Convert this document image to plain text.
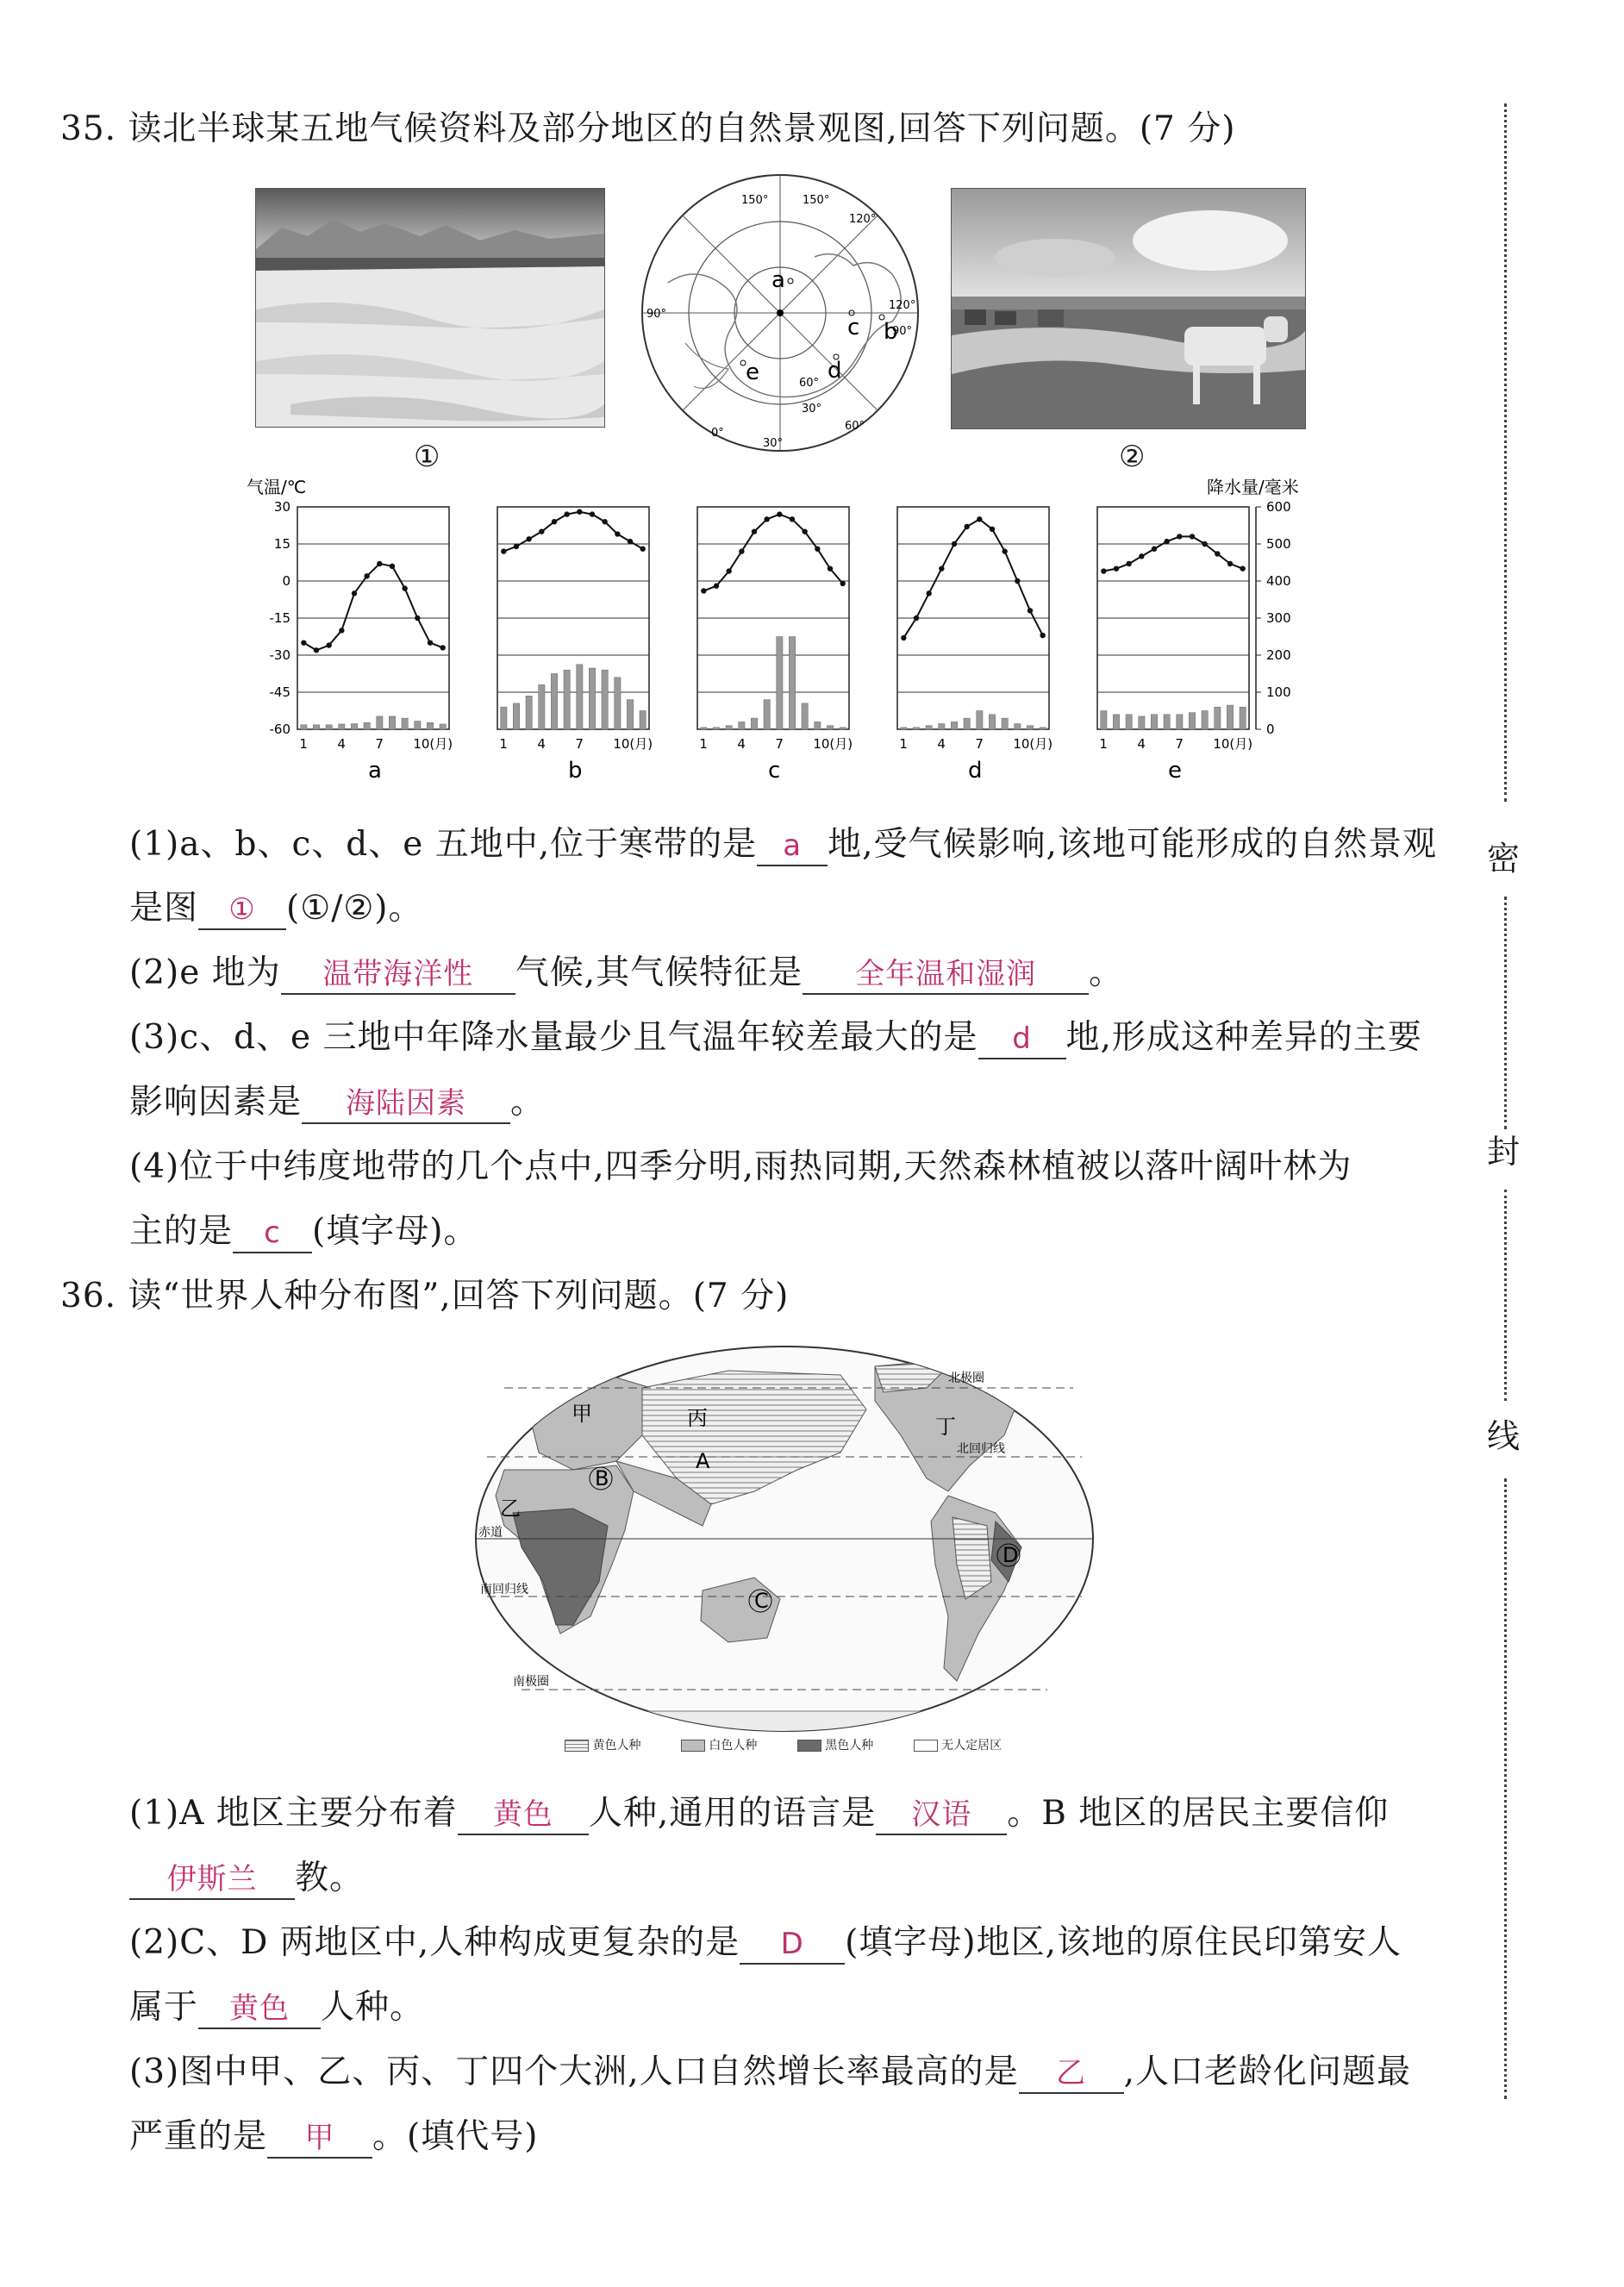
密
封
线
35. 读北半球某五地气候资料及部分地区的自然景观图,回答下列问题。(7 分)
150°
150°
120°
120°
90°
90°
60°
60°
30°
30°
0°
a
b
c
d
e
①	②
气温/℃	降水量/毫米
1 4 7 10(月)
a
1 4 7 10(月)
b
1 4 7 10(月)
c
1 4 7 10(月)
d
1 4 7 10(月)
e
30
15
0
-15
-30
-45
-60
600
500
400
300
200
100
0
(1)a、b、c、d、e 五地中,位于寒带的是 a 地,受气候影响,该地可能形成的自然景观
是图 ① (①/②)。
(2)e 地为 温带海洋性 气候,其气候特征是 全年温和湿润 。
(3)c、d、e 三地中年降水量最少且气温年较差最大的是 d 地,形成这种差异的主要
影响因素是 海陆因素 。
(4)位于中纬度地带的几个点中,四季分明,雨热同期,天然森林植被以落叶阔叶林为
主的是 c (填字母)。
36. 读“世界人种分布图”,回答下列问题。(7 分)
北极圈
北回归线
赤道
南回归线
南极圈
甲
乙
丙	丁
A
B
C
D
黄色人种	白色人种	黑色人种	无人定居区
(1)A 地区主要分布着 黄色 人种,通用的语言是 汉语 。B 地区的居民主要信仰
伊斯兰 教。
(2)C、D 两地区中,人种构成更复杂的是 D (填字母)地区,该地的原住民印第安人
属于 黄色 人种。
(3)图中甲、乙、丙、丁四个大洲,人口自然增长率最高的是 乙 ,人口老龄化问题最
严重的是 甲 。(填代号)
